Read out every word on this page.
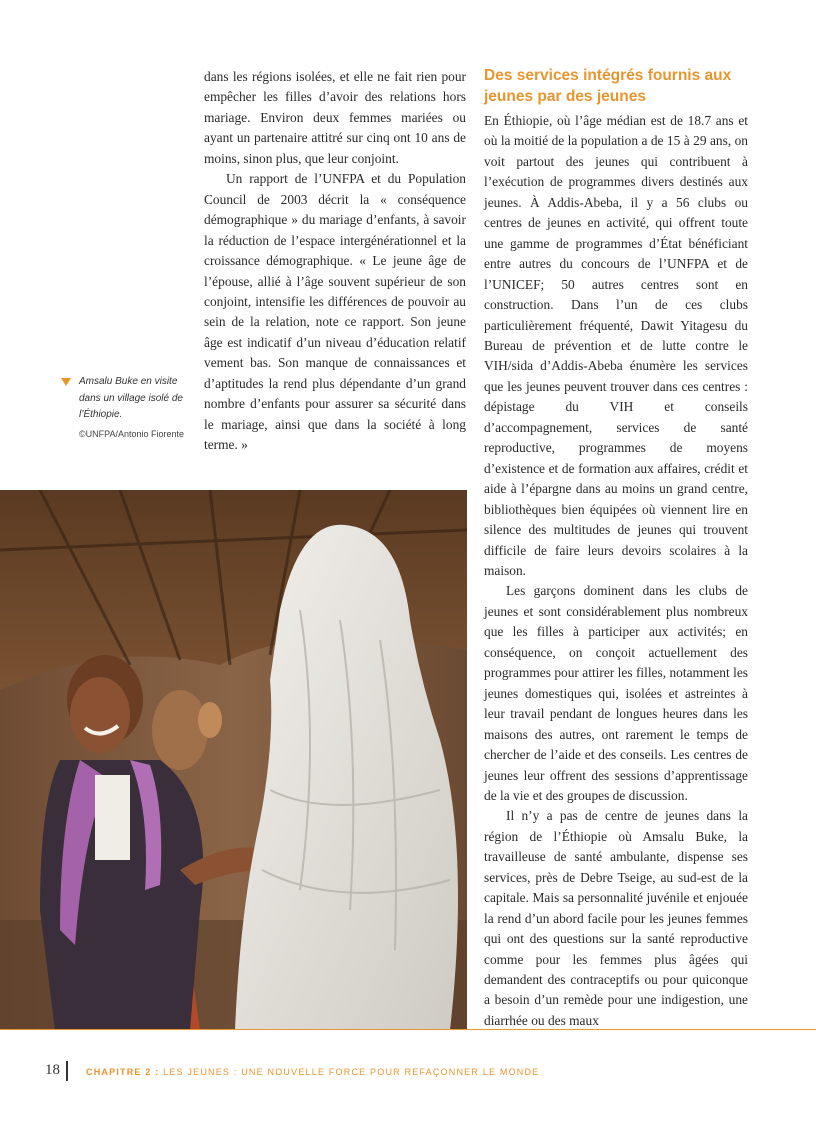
dans les régions isolées, et elle ne fait rien pour empêcher les filles d’avoir des relations hors mariage. Environ deux femmes mariées ou ayant un partenaire attitré sur cinq ont 10 ans de moins, sinon plus, que leur conjoint.

Un rapport de l’UNFPA et du Population Council de 2003 décrit la « conséquence démographique » du mariage d’enfants, à savoir la réduction de l’espace intergénérationnel et la croissance démographique. « Le jeune âge de l’épouse, allié à l’âge souvent supérieur de son conjoint, intensifie les différences de pouvoir au sein de la relation, note ce rapport. Son jeune âge est indicatif d’un niveau d’éducation relatif vement bas. Son manque de connaissances et d’aptitudes la rend plus dépendante d’un grand nombre d’enfants pour assurer sa sécurité dans le mariage, ainsi que dans la société à long terme. »

Amsalu Buke en visite dans un village isolé de l’Éthiopie.
©UNFPA/Antonio Fiorente
Des services intégrés fournis aux jeunes par des jeunes

En Éthiopie, où l’âge médian est de 18.7 ans et où la moitié de la population a de 15 à 29 ans, on voit partout des jeunes qui contribuent à l’exécution de programmes divers destinés aux jeunes. À Addis-Abeba, il y a 56 clubs ou centres de jeunes en activité, qui offrent toute une gamme de programmes d’État bénéficiant entre autres du concours de l’UNFPA et de l’UNICEF; 50 autres centres sont en construction. Dans l’un de ces clubs particulièrement fréquenté, Dawit Yitagesu du Bureau de prévention et de lutte contre le VIH/sida d’Addis-Abeba énumère les services que les jeunes peuvent trouver dans ces centres : dépistage du VIH et conseils d’accompagnement, services de santé reproductive, programmes de moyens d’existence et de formation aux affaires, crédit et aide à l’épargne dans au moins un grand centre, bibliothèques bien équipées où viennent lire en silence des multitudes de jeunes qui trouvent difficile de faire leurs devoirs scolaires à la maison.

Les garçons dominent dans les clubs de jeunes et sont considérablement plus nombreux que les filles à participer aux activités; en conséquence, on conçoit actuellement des programmes pour attirer les filles, notamment les jeunes domestiques qui, isolées et astreintes à leur travail pendant de longues heures dans les maisons des autres, ont rarement le temps de chercher de l’aide et des conseils. Les centres de jeunes leur offrent des sessions d’apprentissage de la vie et des groupes de discussion.

Il n’y a pas de centre de jeunes dans la région de l’Éthiopie où Amsalu Buke, la travailleuse de santé ambulante, dispense ses services, près de Debre Tseige, au sud-est de la capitale. Mais sa personnalité juvénile et enjouée la rend d’un abord facile pour les jeunes femmes qui ont des questions sur la santé reproductive comme pour les femmes plus âgées qui demandent des contraceptifs ou pour quiconque a besoin d’un remède pour une indigestion, une diarrhée ou des maux

18	CHAPITRE 2 : LES JEUNES : UNE NOUVELLE FORCE POUR REFAÇONNER LE MONDE
